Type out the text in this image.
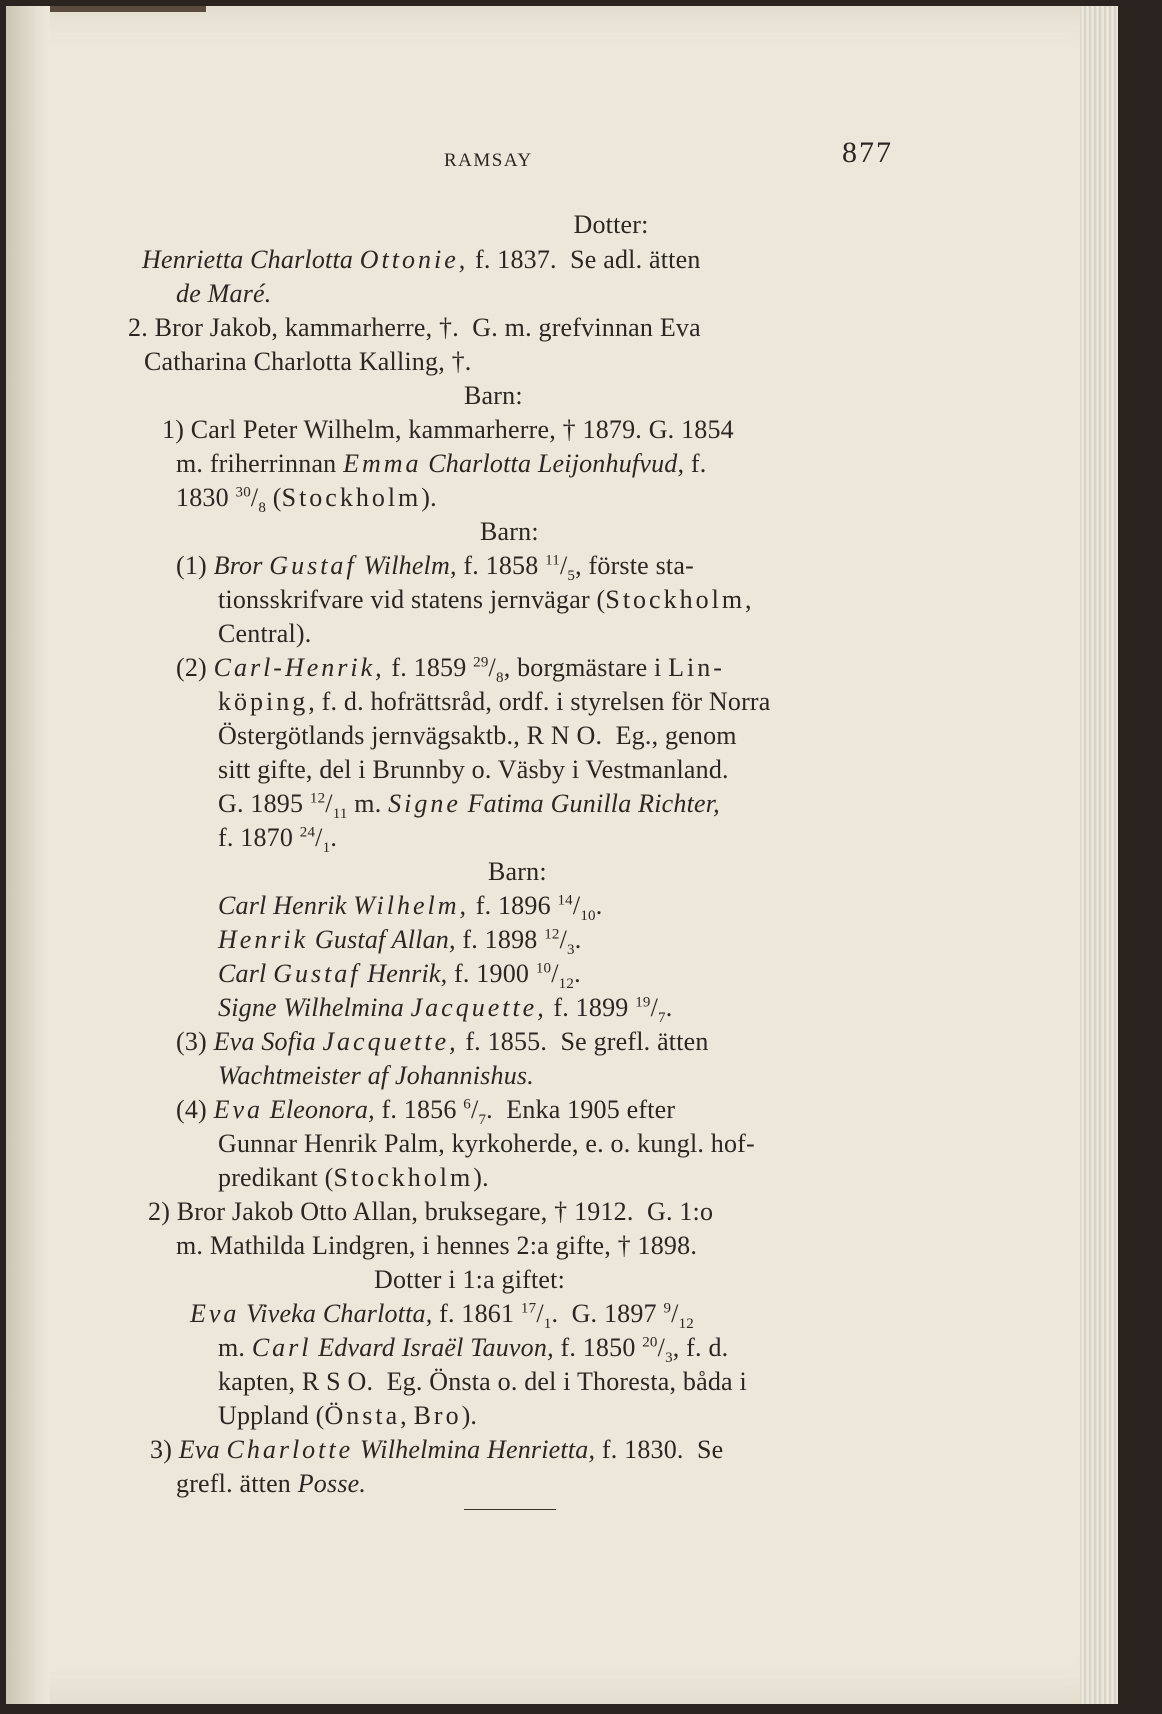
RAMSAY	877
Dotter:
Henrietta Charlotta Ottonie, f. 1837.  Se adl. ätten
de Maré.
2. Bror Jakob, kammarherre, †.  G. m. grefvinnan Eva
Catharina Charlotta Kalling, †.
Barn:
1) Carl Peter Wilhelm, kammarherre, † 1879. G. 1854
m. friherrinnan Emma Charlotta Leijonhufvud, f.
1830 $^{30}/_8$ (Stockholm).
Barn:
(1) Bror Gustaf Wilhelm, f. 1858 $^{11}/_5$, förste sta-
tionsskrifvare vid statens jernvägar (Stockholm,
Central).
(2) Carl-Henrik, f. 1859 $^{29}/_8$, borgmästare i Lin-
köping, f. d. hofrättsråd, ordf. i styrelsen för Norra
Östergötlands jernvägsaktb., R N O.  Eg., genom
sitt gifte, del i Brunnby o. Väsby i Vestmanland.
G. 1895 $^{12}/_{11}$ m. Signe Fatima Gunilla Richter,
f. 1870 $^{24}/_1$.
Barn:
Carl Henrik Wilhelm, f. 1896 $^{14}/_{10}$.
Henrik Gustaf Allan, f. 1898 $^{12}/_3$.
Carl Gustaf Henrik, f. 1900 $^{10}/_{12}$.
Signe Wilhelmina Jacquette, f. 1899 $^{19}/_7$.
(3) Eva Sofia Jacquette, f. 1855.  Se grefl. ätten
Wachtmeister af Johannishus.
(4) Eva Eleonora, f. 1856 $^6/_7$.  Enka 1905 efter
Gunnar Henrik Palm, kyrkoherde, e. o. kungl. hof-
predikant (Stockholm).
2) Bror Jakob Otto Allan, bruksegare, † 1912.  G. 1:o
m. Mathilda Lindgren, i hennes 2:a gifte, † 1898.
Dotter i 1:a giftet:
Eva Viveka Charlotta, f. 1861 $^{17}/_1$.  G. 1897 $^9/_{12}$
m. Carl Edvard Israël Tauvon, f. 1850 $^{20}/_3$, f. d.
kapten, R S O.  Eg. Önsta o. del i Thoresta, båda i
Uppland (Önsta, Bro).
3) Eva Charlotte Wilhelmina Henrietta, f. 1830.  Se
grefl. ätten Posse.
